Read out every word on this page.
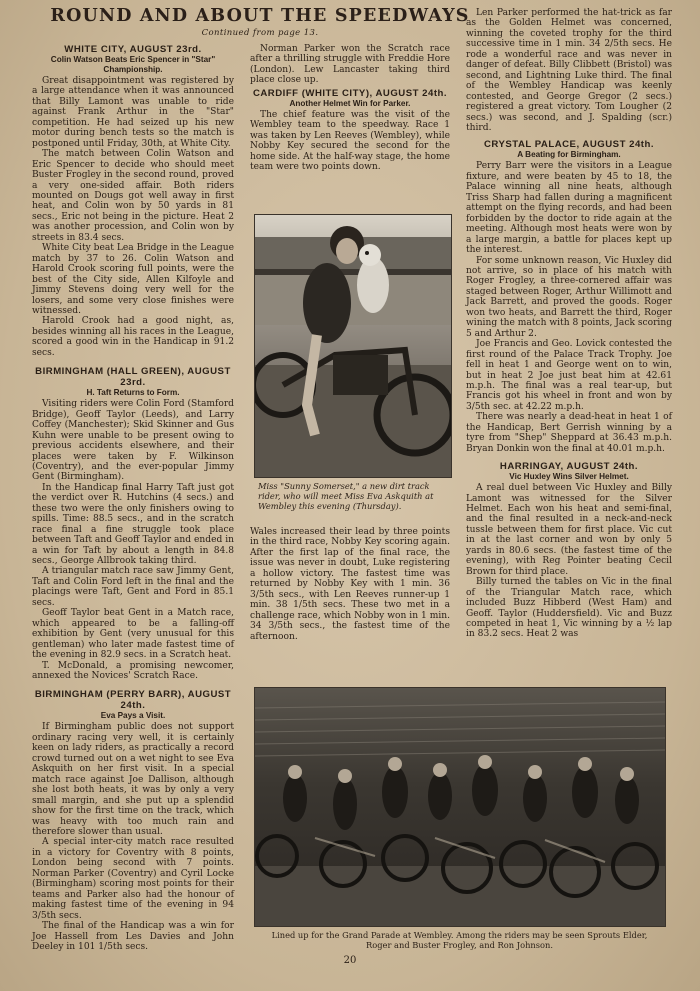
ROUND AND ABOUT THE SPEEDWAYS
Continued from page 13.
WHITE CITY, AUGUST 23rd.
Colin Watson Beats Eric Spencer in "Star" Championship.

Great disappointment was registered by a large attendance when it was announced that Billy Lamont was unable to ride against Frank Arthur in the "Star" competition. He had seized up his new motor during bench tests so the match is postponed until Friday, 30th, at White City.

The match between Colin Watson and Eric Spencer to decide who should meet Buster Frogley in the second round, proved a very one-sided affair. Both riders mounted on Dougs got well away in first heat, and Colin won by 50 yards in 81 secs., Eric not being in the picture. Heat 2 was another procession, and Colin won by streets in 83.4 secs.

White City beat Lea Bridge in the League match by 37 to 26. Colin Watson and Harold Crook scoring full points, were the best of the City side, Allen Kilfoyle and Jimmy Stevens doing very well for the losers, and some very close finishes were witnessed.

Harold Crook had a good night, as, besides winning all his races in the League, scored a good win in the Handicap in 91.2 secs.

BIRMINGHAM (HALL GREEN), AUGUST 23rd.
H. Taft Returns to Form.

Visiting riders were Colin Ford (Stamford Bridge), Geoff Taylor (Leeds), and Larry Coffey (Manchester); Skid Skinner and Gus Kuhn were unable to be present owing to previous accidents elsewhere, and their places were taken by F. Wilkinson (Coventry), and the ever-popular Jimmy Gent (Birmingham).

In the Handicap final Harry Taft just got the verdict over R. Hutchins (4 secs.) and these two were the only finishers owing to spills. Time: 88.5 secs., and in the scratch race final a fine struggle took place between Taft and Geoff Taylor and ended in a win for Taft by about a length in 84.8 secs., George Allbrook taking third.

A triangular match race saw Jimmy Gent, Taft and Colin Ford left in the final and the placings were Taft, Gent and Ford in 85.1 secs.

Geoff Taylor beat Gent in a Match race, which appeared to be a falling-off exhibition by Gent (very unusual for this gentleman) who later made fastest time of the evening in 82.9 secs. in a Scratch heat.

T. McDonald, a promising newcomer, annexed the Novices' Scratch Race.

BIRMINGHAM (PERRY BARR), AUGUST 24th.
Eva Pays a Visit.

If Birmingham public does not support ordinary racing very well, it is certainly keen on lady riders, as practically a record crowd turned out on a wet night to see Eva Askquith on her first visit. In a special match race against Joe Dallison, although she lost both heats, it was by only a very small margin, and she put up a splendid show for the first time on the track, which was heavy with too much rain and therefore slower than usual.

A special inter-city match race resulted in a victory for Coventry with 8 points, London being second with 7 points. Norman Parker (Coventry) and Cyril Locke (Birmingham) scoring most points for their teams and Parker also had the honour of making fastest time of the evening in 94 3/5th secs.

The final of the Handicap was a win for Joe Hassell from Les Davies and John Deeley in 101 1/5th secs.

Norman Parker won the Scratch race after a thrilling struggle with Freddie Hore (London). Lew Lancaster taking third place close up.

CARDIFF (WHITE CITY), AUGUST 24th.
Another Helmet Win for Parker.

The chief feature was the visit of the Wembley team to the speedway. Race 1 was taken by Len Reeves (Wembley), while Nobby Key secured the second for the home side. At the half-way stage, the home team were two points down.

Miss "Sunny Somerset," a new dirt track rider, who will meet Miss Eva Askquith at Wembley this evening (Thursday).

Wales increased their lead by three points in the third race, Nobby Key scoring again. After the first lap of the final race, the issue was never in doubt, Luke registering a hollow victory. The fastest time was returned by Nobby Key with 1 min. 36 3/5th secs., with Len Reeves runner-up 1 min. 38 1/5th secs. These two met in a challenge race, which Nobby won in 1 min. 34 3/5th secs., the fastest time of the afternoon.

Len Parker performed the hat-trick as far as the Golden Helmet was concerned, winning the coveted trophy for the third successive time in 1 min. 34 2/5th secs. He rode a wonderful race and was never in danger of defeat. Billy Clibbett (Bristol) was second, and Lightning Luke third. The final of the Wembley Handicap was keenly contested, and George Gregor (2 secs.) registered a great victory. Tom Lougher (2 secs.) was second, and J. Spalding (scr.) third.

CRYSTAL PALACE, AUGUST 24th.
A Beating for Birmingham.

Perry Barr were the visitors in a League fixture, and were beaten by 45 to 18, the Palace winning all nine heats, although Triss Sharp had fallen during a magnificent attempt on the flying records, and had been forbidden by the doctor to ride again at the meeting. Although most heats were won by a large margin, a battle for places kept up the interest.

For some unknown reason, Vic Huxley did not arrive, so in place of his match with Roger Frogley, a three-cornered affair was staged between Roger, Arthur Willimott and Jack Barrett, and proved the goods. Roger won two heats, and Barrett the third, Roger wining the match with 8 points, Jack scoring 5 and Arthur 2.

Joe Francis and Geo. Lovick contested the first round of the Palace Track Trophy. Joe fell in heat 1 and George went on to win, but in heat 2 Joe just beat him at 42.61 m.p.h. The final was a real tear-up, but Francis got his wheel in front and won by 3/5th sec. at 42.22 m.p.h.

There was nearly a dead-heat in heat 1 of the Handicap, Bert Gerrish winning by a tyre from "Shep" Sheppard at 36.43 m.p.h. Bryan Donkin won the final at 40.01 m.p.h.

HARRINGAY, AUGUST 24th.
Vic Huxley Wins Silver Helmet.

A real duel between Vic Huxley and Billy Lamont was witnessed for the Silver Helmet. Each won his heat and semi-final, and the final resulted in a neck-and-neck tussle between them for first place. Vic cut in at the last corner and won by only 5 yards in 80.6 secs. (the fastest time of the evening), with Reg Pointer beating Cecil Brown for third place.

Billy turned the tables on Vic in the final of the Triangular Match race, which included Buzz Hibberd (West Ham) and Geoff. Taylor (Huddersfield). Vic and Buzz competed in heat 1, Vic winning by a ½ lap in 83.2 secs. Heat 2 was

Lined up for the Grand Parade at Wembley. Among the riders may be seen Sprouts Elder, Roger and Buster Frogley, and Ron Johnson.
20
